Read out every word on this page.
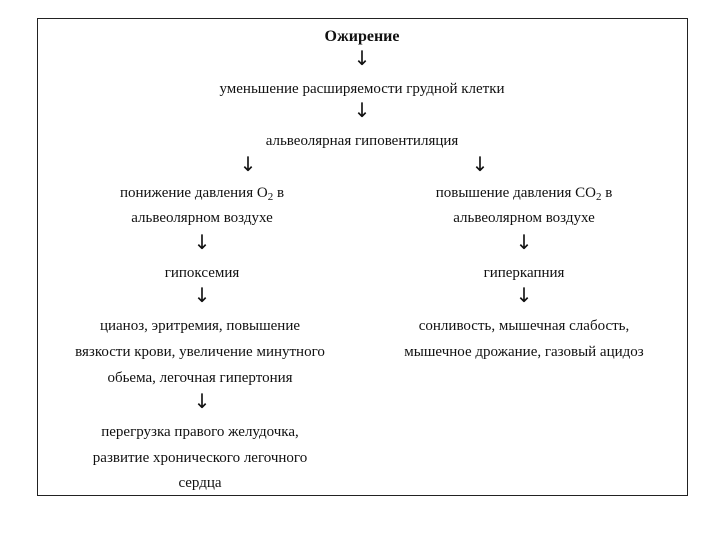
Ожирение
↓
уменьшение расширяемости грудной клетки
↓
альвеолярная гиповентиляция
↓	↓
понижение давления $О_2$ в
альвеолярном воздухе
↓
гипоксемия
↓
цианоз, эритремия, повышение
вязкости крови, увеличение минутного
обьема, легочная гипертония
↓
перегрузка правого желудочка,
развитие хронического легочного
сердца
повышение давления $СО_2$ в
альвеолярном воздухе
↓
гиперкапния
↓
сонливость, мышечная слабость,
мышечное дрожание, газовый ацидоз
